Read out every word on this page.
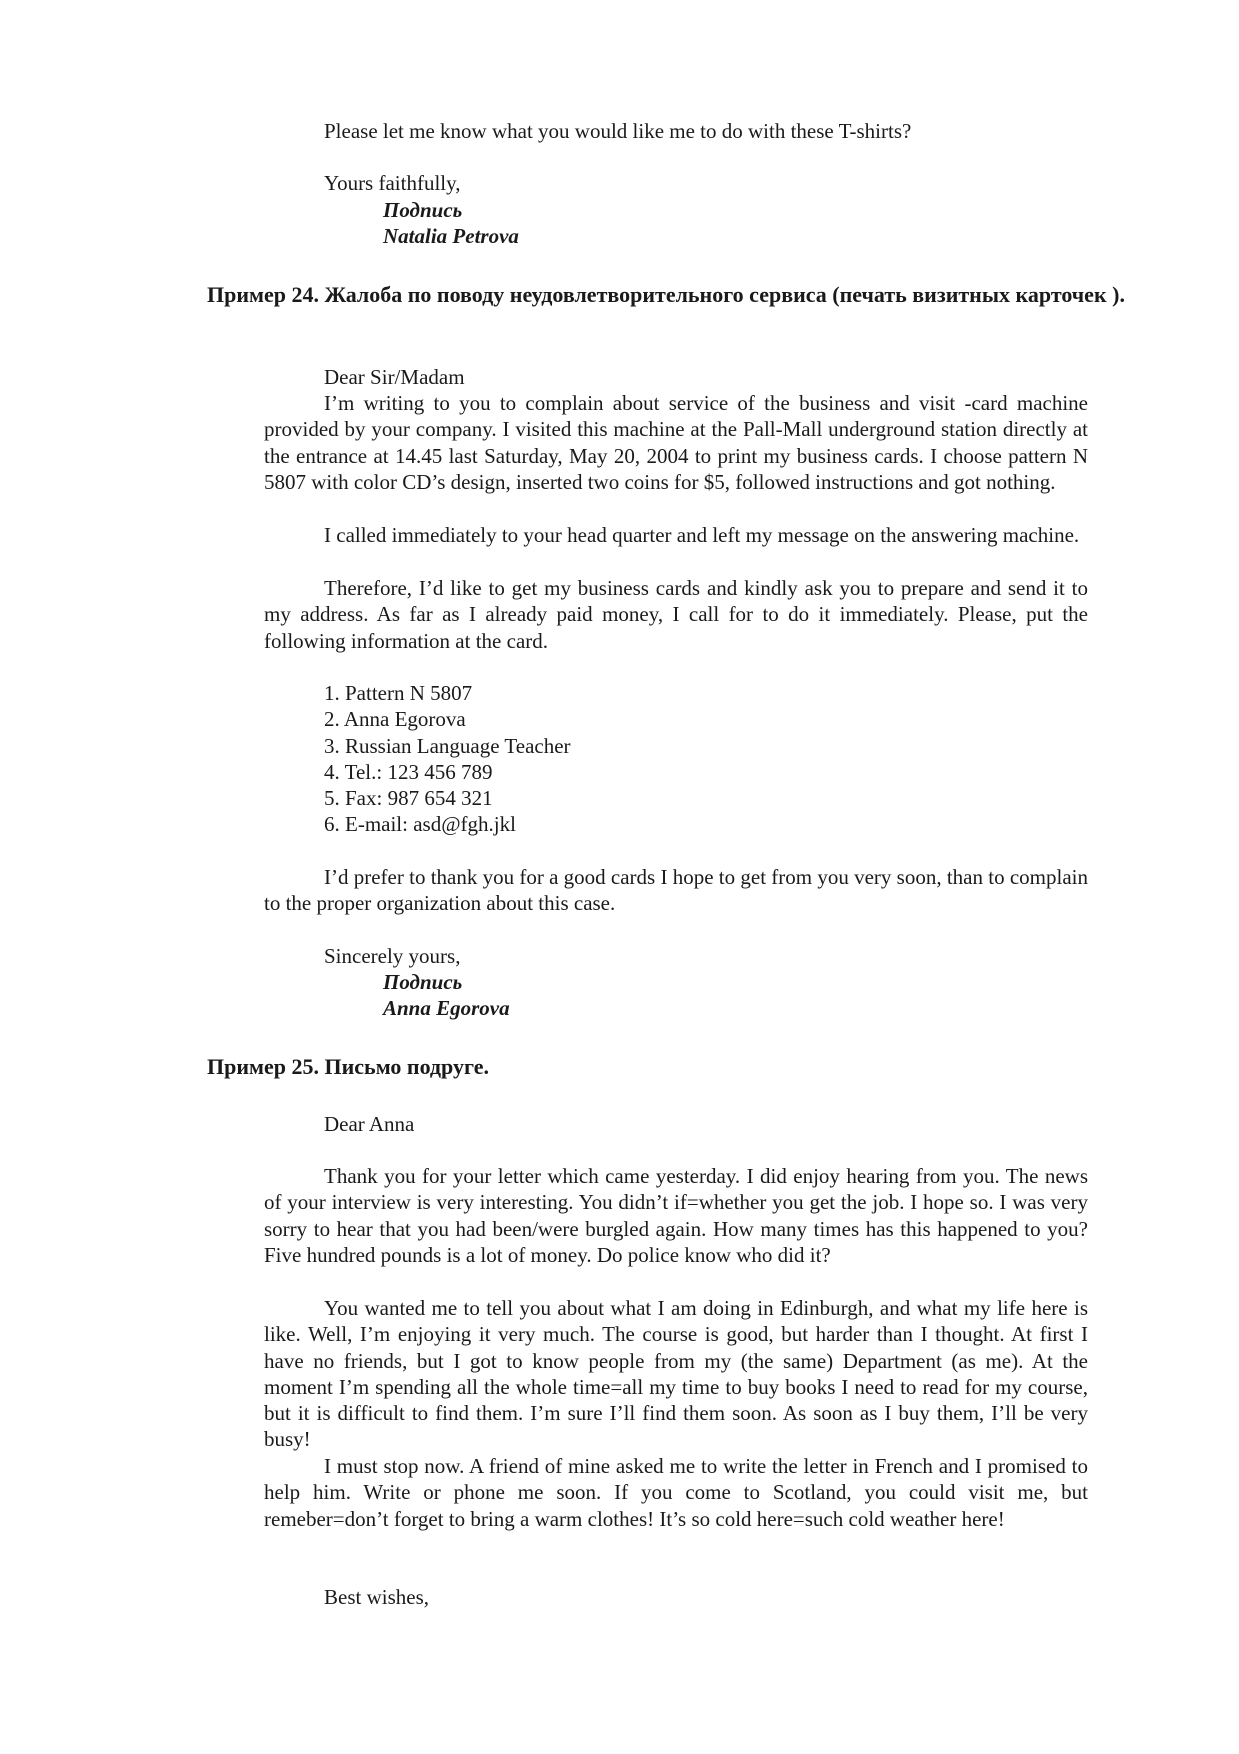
Please let me know what you would like me to do with these T-shirts?

Yours faithfully,

Подпись

Natalia Petrova

Пример 24. Жалоба по поводу неудовлетворительного сервиса (печать визитных карточек ).

Dear Sir/Madam

I’m writing to you to complain about service of the business and visit -card machine provided by your company. I visited this machine at the Pall-Mall underground station directly at the entrance at 14.45 last Saturday, May 20, 2004 to print my business cards. I choose pattern N 5807 with color CD’s design, inserted two coins for $5, followed instructions and got nothing.

I called immediately to your head quarter and left my message on the answering machine.

Therefore, I’d like to get my business cards and kindly ask you to prepare and send it to my address. As far as I already paid money, I call for to do it immediately. Please, put the following information at the card.

1. Pattern N 5807
2. Anna Egorova
3. Russian Language Teacher
4. Tel.: 123 456 789
5. Fax: 987 654 321
6. E-mail: asd@fgh.jkl

I’d prefer to thank you for a good cards I hope to get from you very soon, than to complain to the proper organization about this case.

Sincerely yours,

Подпись

Anna Egorova

Пример 25. Письмо подруге.

Dear Anna

Thank you for your letter which came yesterday. I did enjoy hearing from you. The news of your interview is very interesting. You didn’t if=whether you get the job. I hope so. I was very sorry to hear that you had been/were burgled again. How many times has this happened to you? Five hundred pounds is a lot of money. Do police know who did it?

You wanted me to tell you about what I am doing in Edinburgh, and what my life here is like. Well, I’m enjoying it very much. The course is good, but harder than I thought. At first I have no friends, but I got to know people from my (the same) Department (as me). At the moment I’m spending all the whole time=all my time to buy books I need to read for my course, but it is difficult to find them. I’m sure I’ll find them soon. As soon as I buy them, I’ll be very busy!

I must stop now. A friend of mine asked me to write the letter in French and I promised to help him. Write or phone me soon. If you come to Scotland, you could visit me, but remeber=don’t forget to bring a warm clothes! It’s so cold here=such cold weather here!

Best wishes,
